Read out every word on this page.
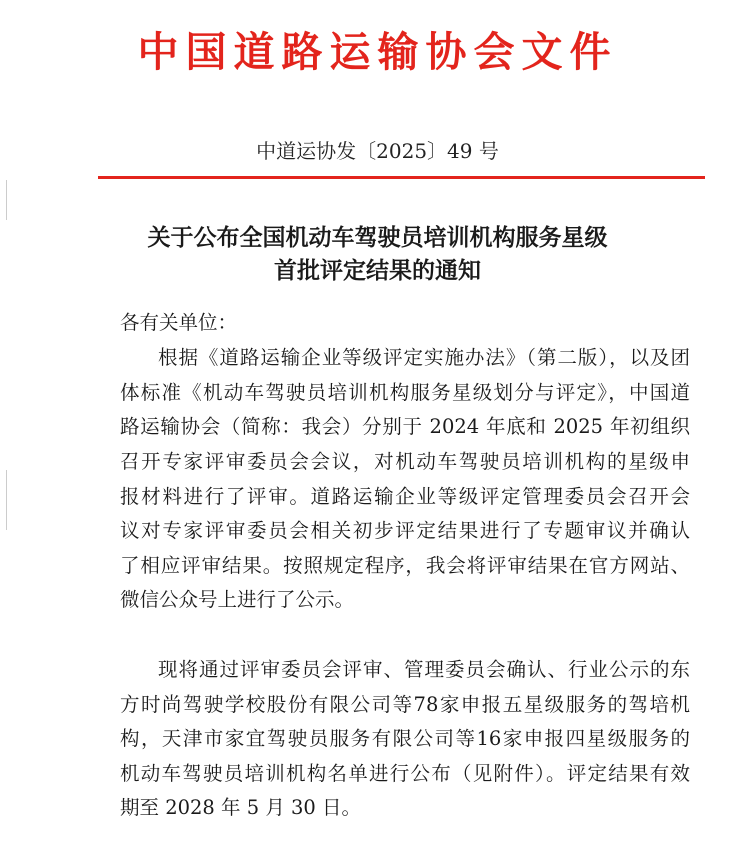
中国道路运输协会文件
中道运协发〔2025〕49 号
关于公布全国机动车驾驶员培训机构服务星级
首批评定结果的通知
各有关单位：
根据《道路运输企业等级评定实施办法》（第二版），以及团
体标准《机动车驾驶员培训机构服务星级划分与评定》，中国道
路运输协会（简称：我会）分别于 2024 年底和 2025 年初组织
召开专家评审委员会会议，对机动车驾驶员培训机构的星级申
报材料进行了评审。道路运输企业等级评定管理委员会召开会
议对专家评审委员会相关初步评定结果进行了专题审议并确认
了相应评审结果。按照规定程序，我会将评审结果在官方网站、
微信公众号上进行了公示。
现将通过评审委员会评审、管理委员会确认、行业公示的东
方时尚驾驶学校股份有限公司等78家申报五星级服务的驾培机
构，天津市家宜驾驶员服务有限公司等16家申报四星级服务的
机动车驾驶员培训机构名单进行公布（见附件）。评定结果有效
期至 2028 年 5 月 30 日。
